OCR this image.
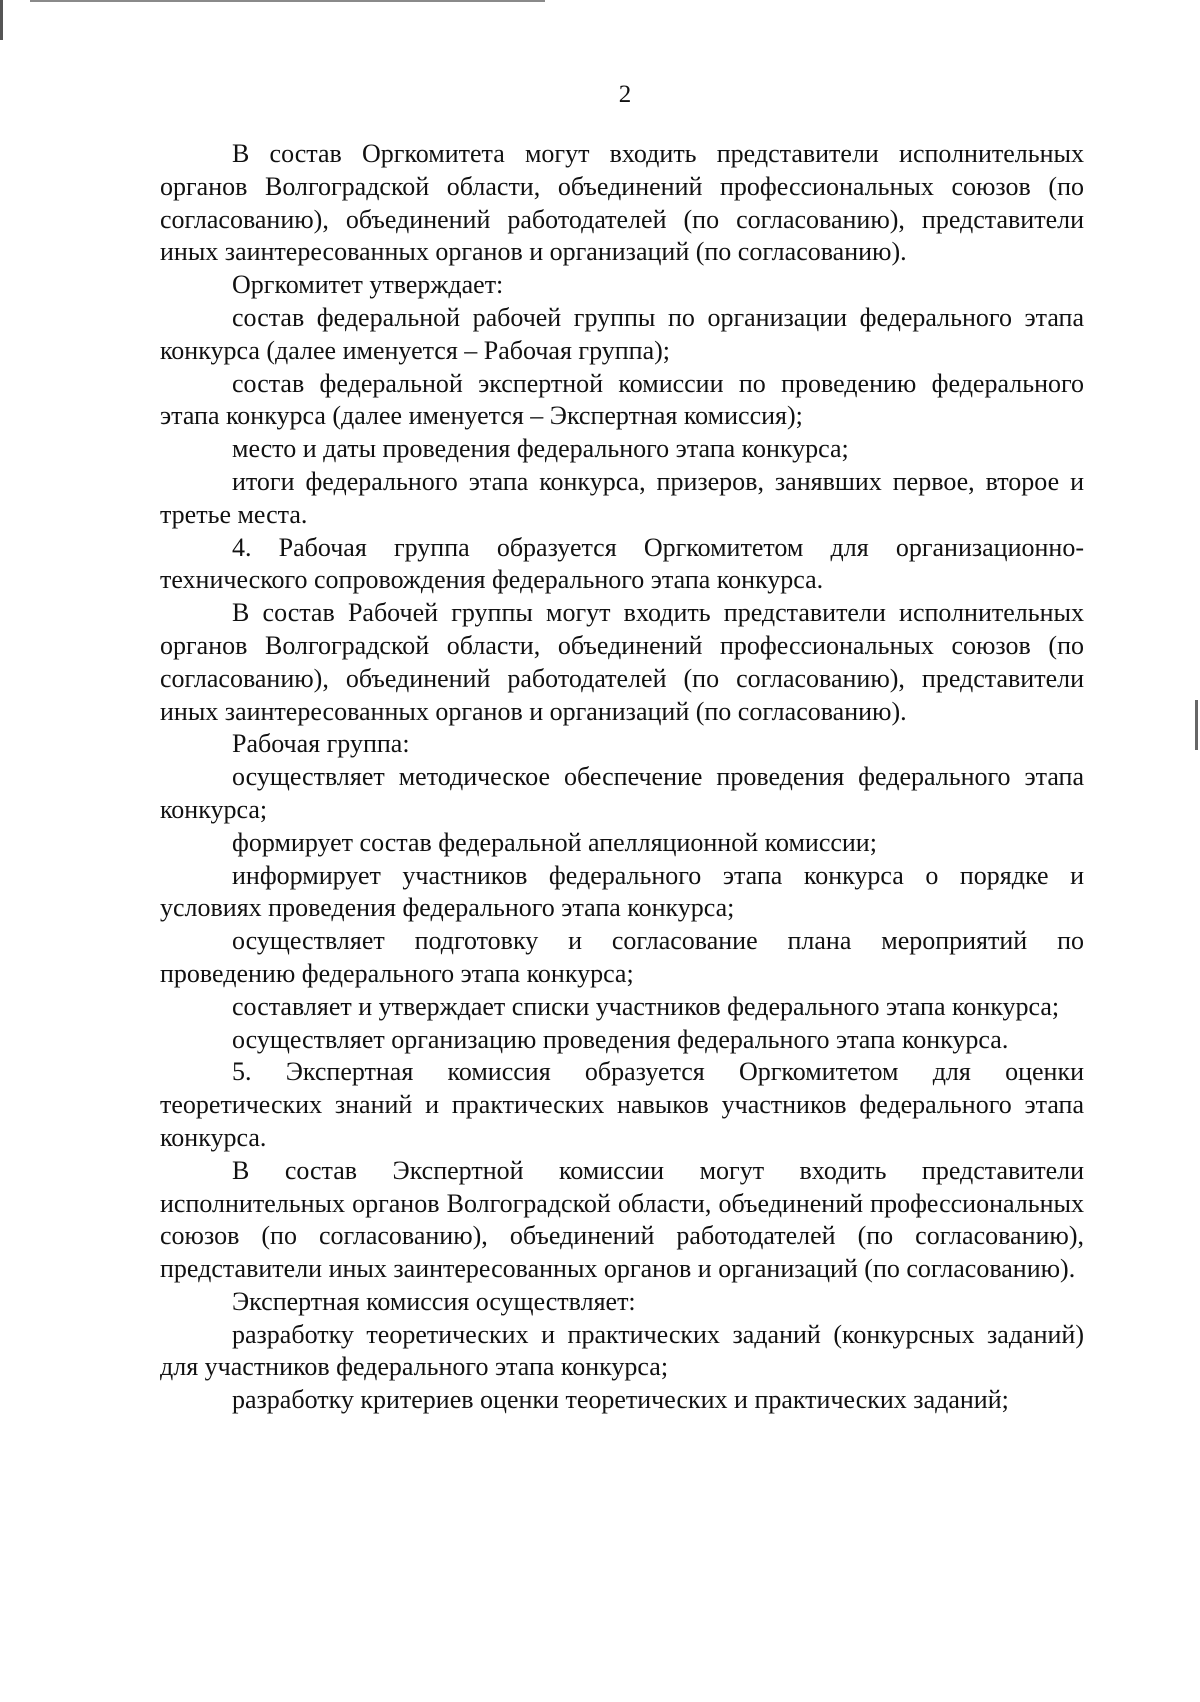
2

В состав Оргкомитета могут входить представители исполнительных органов Волгоградской области, объединений профессиональных союзов (по согласованию), объединений работодателей (по согласованию), представители иных заинтересованных органов и организаций (по согласованию).

Оргкомитет утверждает:

состав федеральной рабочей группы по организации федерального этапа конкурса (далее именуется – Рабочая группа);

состав федеральной экспертной комиссии по проведению федерального этапа конкурса (далее именуется – Экспертная комиссия);

место и даты проведения федерального этапа конкурса;

итоги федерального этапа конкурса, призеров, занявших первое, второе и третье места.

4. Рабочая группа образуется Оргкомитетом для организационно-технического сопровождения федерального этапа конкурса.

В состав Рабочей группы могут входить представители исполнительных органов Волгоградской области, объединений профессиональных союзов (по согласованию), объединений работодателей (по согласованию), представители иных заинтересованных органов и организаций (по согласованию).

Рабочая группа:

осуществляет методическое обеспечение проведения федерального этапа конкурса;

формирует состав федеральной апелляционной комиссии;

информирует участников федерального этапа конкурса о порядке и условиях проведения федерального этапа конкурса;

осуществляет подготовку и согласование плана мероприятий по проведению федерального этапа конкурса;

составляет и утверждает списки участников федерального этапа конкурса;

осуществляет организацию проведения федерального этапа конкурса.

5. Экспертная комиссия образуется Оргкомитетом для оценки теоретических знаний и практических навыков участников федерального этапа конкурса.

В состав Экспертной комиссии могут входить представители исполнительных органов Волгоградской области, объединений профессиональных союзов (по согласованию), объединений работодателей (по согласованию), представители иных заинтересованных органов и организаций (по согласованию).

Экспертная комиссия осуществляет:

разработку теоретических и практических заданий (конкурсных заданий) для участников федерального этапа конкурса;

разработку критериев оценки теоретических и практических заданий;
